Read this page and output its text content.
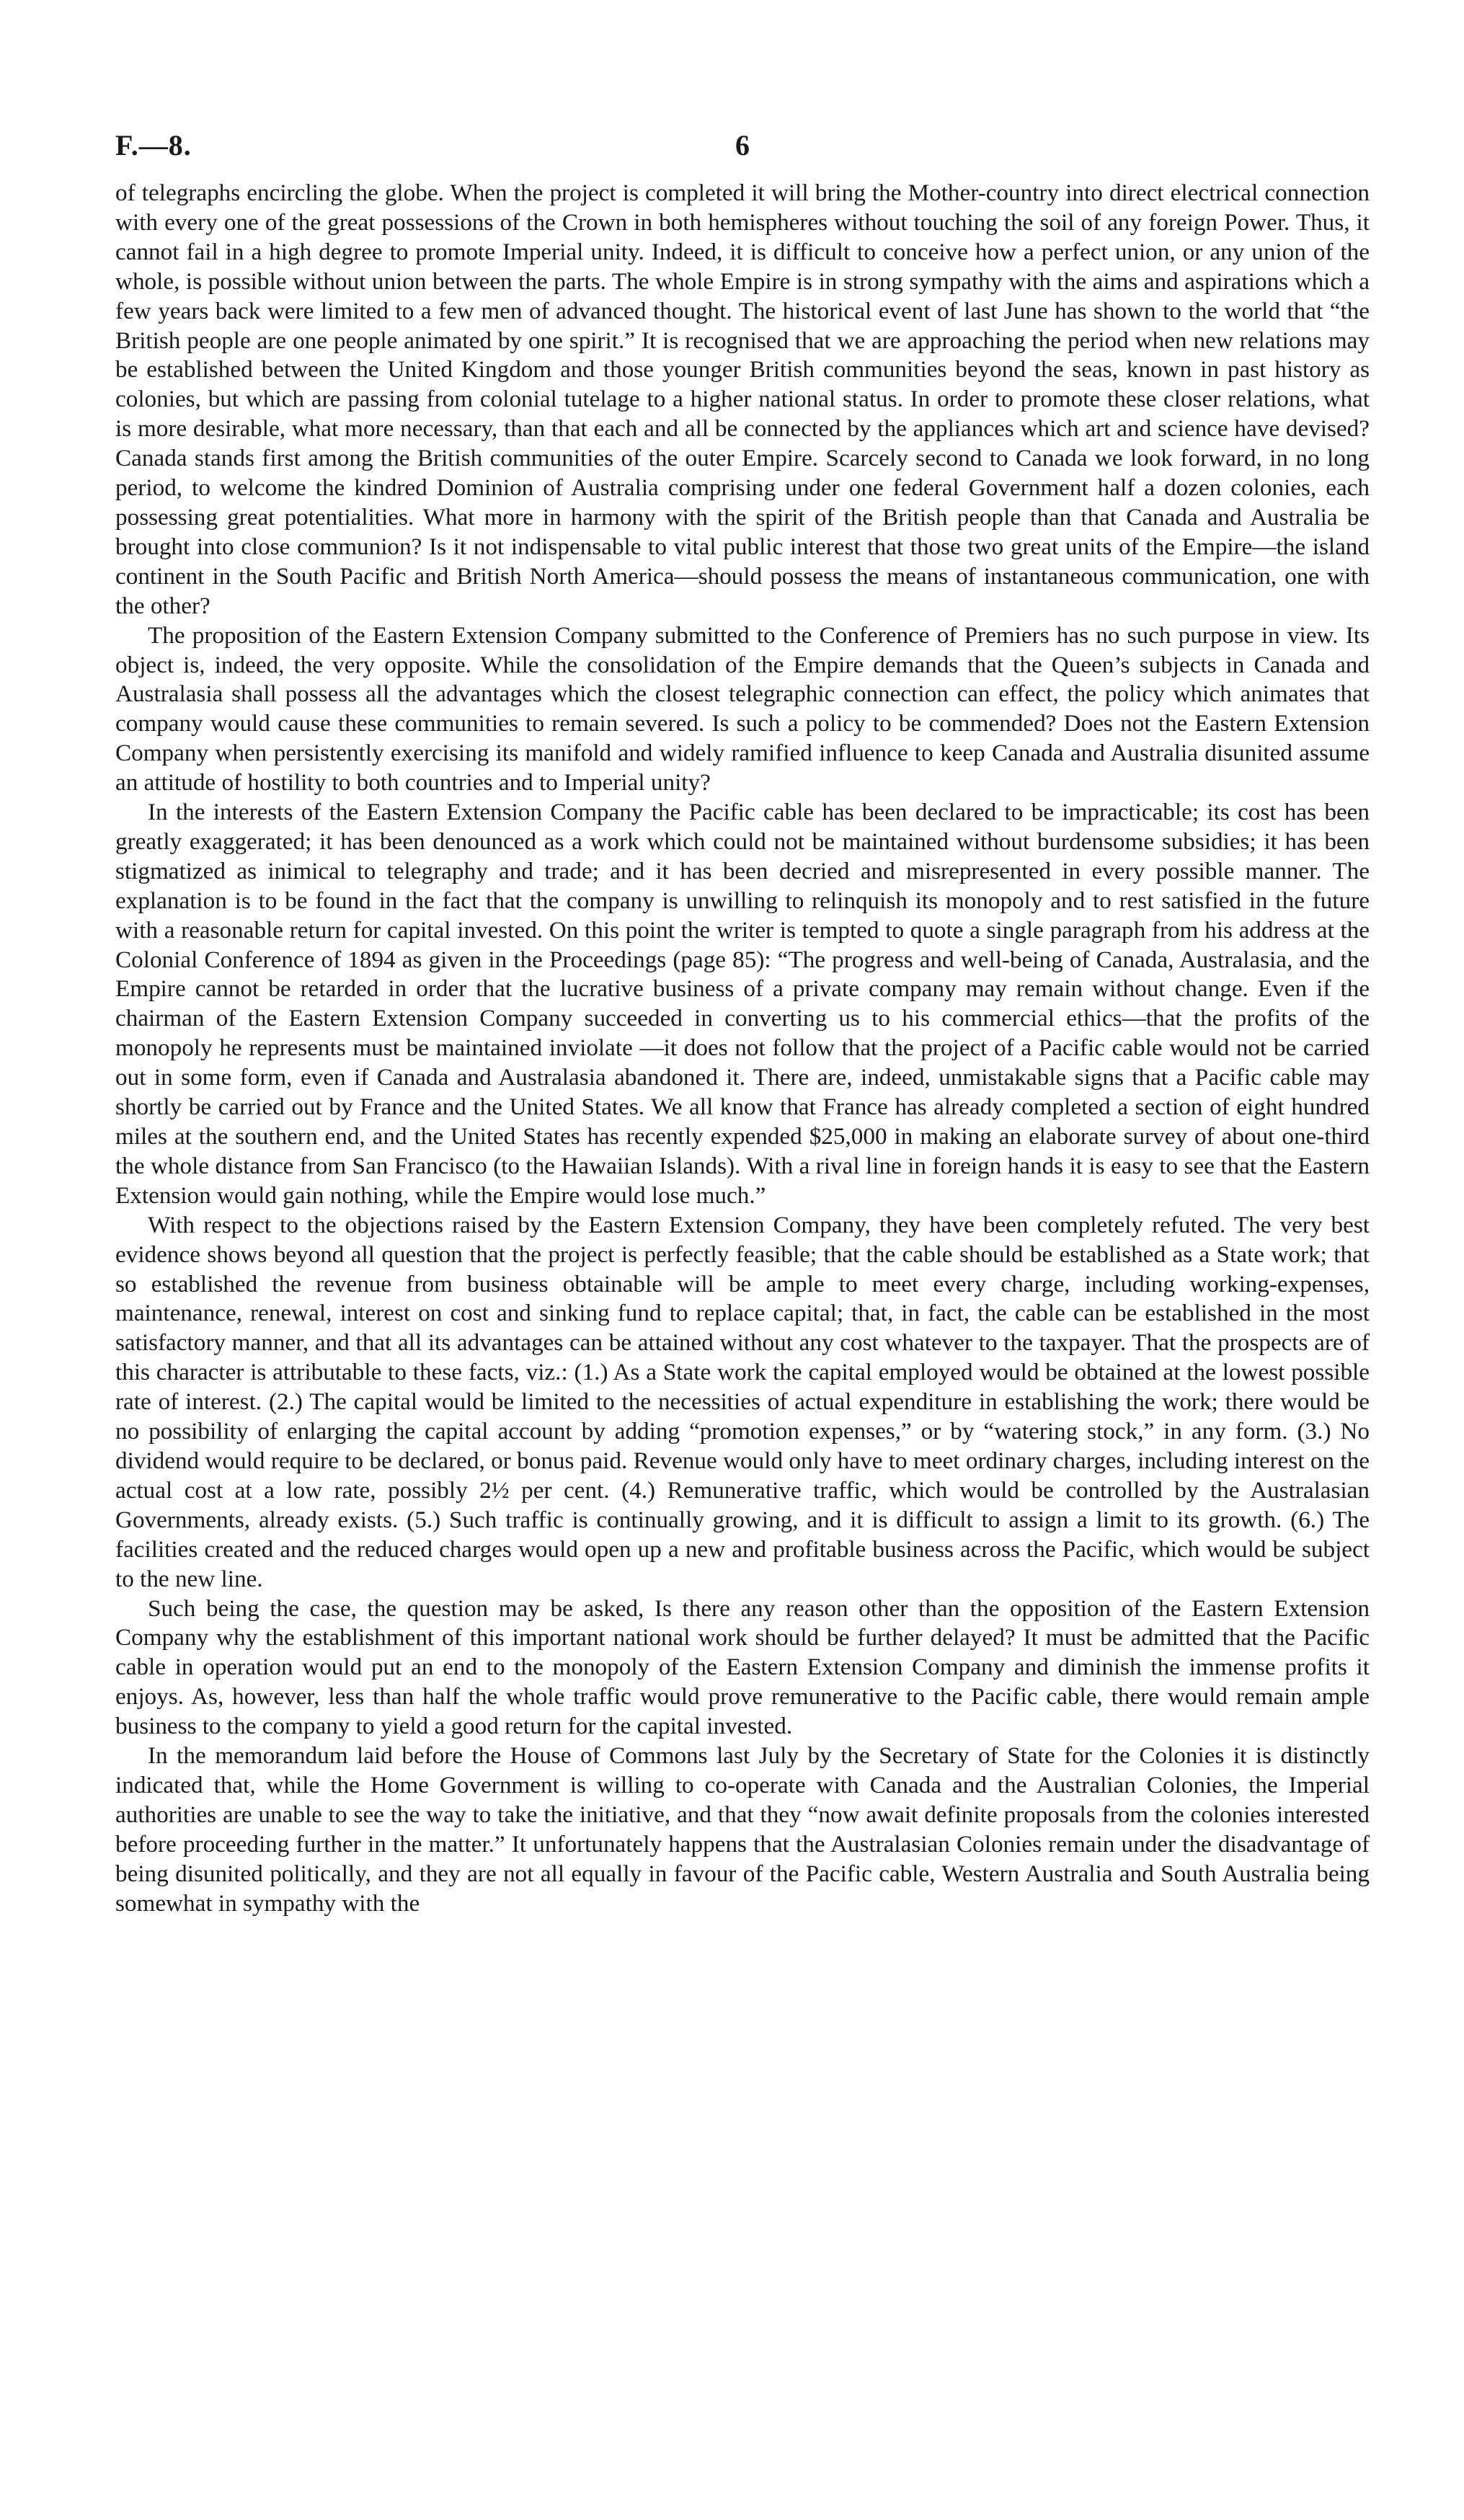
F.—8.	6

of telegraphs encircling the globe. When the project is completed it will bring the Mother-country into direct electrical connection with every one of the great possessions of the Crown in both hemispheres without touching the soil of any foreign Power. Thus, it cannot fail in a high degree to promote Imperial unity. Indeed, it is difficult to conceive how a perfect union, or any union of the whole, is possible without union between the parts. The whole Empire is in strong sympathy with the aims and aspirations which a few years back were limited to a few men of advanced thought. The historical event of last June has shown to the world that “the British people are one people animated by one spirit.” It is recognised that we are approaching the period when new relations may be established between the United Kingdom and those younger British communities beyond the seas, known in past history as colonies, but which are passing from colonial tutelage to a higher national status. In order to promote these closer relations, what is more desirable, what more necessary, than that each and all be connected by the appliances which art and science have devised? Canada stands first among the British communities of the outer Empire. Scarcely second to Canada we look forward, in no long period, to welcome the kindred Dominion of Australia comprising under one federal Government half a dozen colonies, each possessing great potentialities. What more in harmony with the spirit of the British people than that Canada and Australia be brought into close communion? Is it not indispensable to vital public interest that those two great units of the Empire—the island continent in the South Pacific and British North America—should possess the means of instantaneous communication, one with the other?

The proposition of the Eastern Extension Company submitted to the Conference of Premiers has no such purpose in view. Its object is, indeed, the very opposite. While the consolidation of the Empire demands that the Queen’s subjects in Canada and Australasia shall possess all the advantages which the closest telegraphic connection can effect, the policy which animates that company would cause these communities to remain severed. Is such a policy to be commended? Does not the Eastern Extension Company when persistently exercising its manifold and widely ramified influence to keep Canada and Australia disunited assume an attitude of hostility to both countries and to Imperial unity?

In the interests of the Eastern Extension Company the Pacific cable has been declared to be impracticable; its cost has been greatly exaggerated; it has been denounced as a work which could not be maintained without burdensome subsidies; it has been stigmatized as inimical to telegraphy and trade; and it has been decried and misrepresented in every possible manner. The explanation is to be found in the fact that the company is unwilling to relinquish its monopoly and to rest satisfied in the future with a reasonable return for capital invested. On this point the writer is tempted to quote a single paragraph from his address at the Colonial Conference of 1894 as given in the Proceedings (page 85): “The progress and well-being of Canada, Australasia, and the Empire cannot be retarded in order that the lucrative business of a private company may remain without change. Even if the chairman of the Eastern Extension Company succeeded in converting us to his commercial ethics—that the profits of the monopoly he represents must be maintained inviolate —it does not follow that the project of a Pacific cable would not be carried out in some form, even if Canada and Australasia abandoned it. There are, indeed, unmistakable signs that a Pacific cable may shortly be carried out by France and the United States. We all know that France has already completed a section of eight hundred miles at the southern end, and the United States has recently expended $25,000 in making an elaborate survey of about one-third the whole distance from San Francisco (to the Hawaiian Islands). With a rival line in foreign hands it is easy to see that the Eastern Extension would gain nothing, while the Empire would lose much.”

With respect to the objections raised by the Eastern Extension Company, they have been completely refuted. The very best evidence shows beyond all question that the project is perfectly feasible; that the cable should be established as a State work; that so established the revenue from business obtainable will be ample to meet every charge, including working-expenses, maintenance, renewal, interest on cost and sinking fund to replace capital; that, in fact, the cable can be established in the most satisfactory manner, and that all its advantages can be attained without any cost whatever to the taxpayer. That the prospects are of this character is attributable to these facts, viz.: (1.) As a State work the capital employed would be obtained at the lowest possible rate of interest. (2.) The capital would be limited to the necessities of actual expenditure in establishing the work; there would be no possibility of enlarging the capital account by adding “promotion expenses,” or by “watering stock,” in any form. (3.) No dividend would require to be declared, or bonus paid. Revenue would only have to meet ordinary charges, including interest on the actual cost at a low rate, possibly 2½ per cent. (4.) Remunerative traffic, which would be controlled by the Australasian Governments, already exists. (5.) Such traffic is continually growing, and it is difficult to assign a limit to its growth. (6.) The facilities created and the reduced charges would open up a new and profitable business across the Pacific, which would be subject to the new line.

Such being the case, the question may be asked, Is there any reason other than the opposition of the Eastern Extension Company why the establishment of this important national work should be further delayed? It must be admitted that the Pacific cable in operation would put an end to the monopoly of the Eastern Extension Company and diminish the immense profits it enjoys. As, however, less than half the whole traffic would prove remunerative to the Pacific cable, there would remain ample business to the company to yield a good return for the capital invested.

In the memorandum laid before the House of Commons last July by the Secretary of State for the Colonies it is distinctly indicated that, while the Home Government is willing to co-operate with Canada and the Australian Colonies, the Imperial authorities are unable to see the way to take the initiative, and that they “now await definite proposals from the colonies interested before proceeding further in the matter.” It unfortunately happens that the Australasian Colonies remain under the disadvantage of being disunited politically, and they are not all equally in favour of the Pacific cable, Western Australia and South Australia being somewhat in sympathy with the
